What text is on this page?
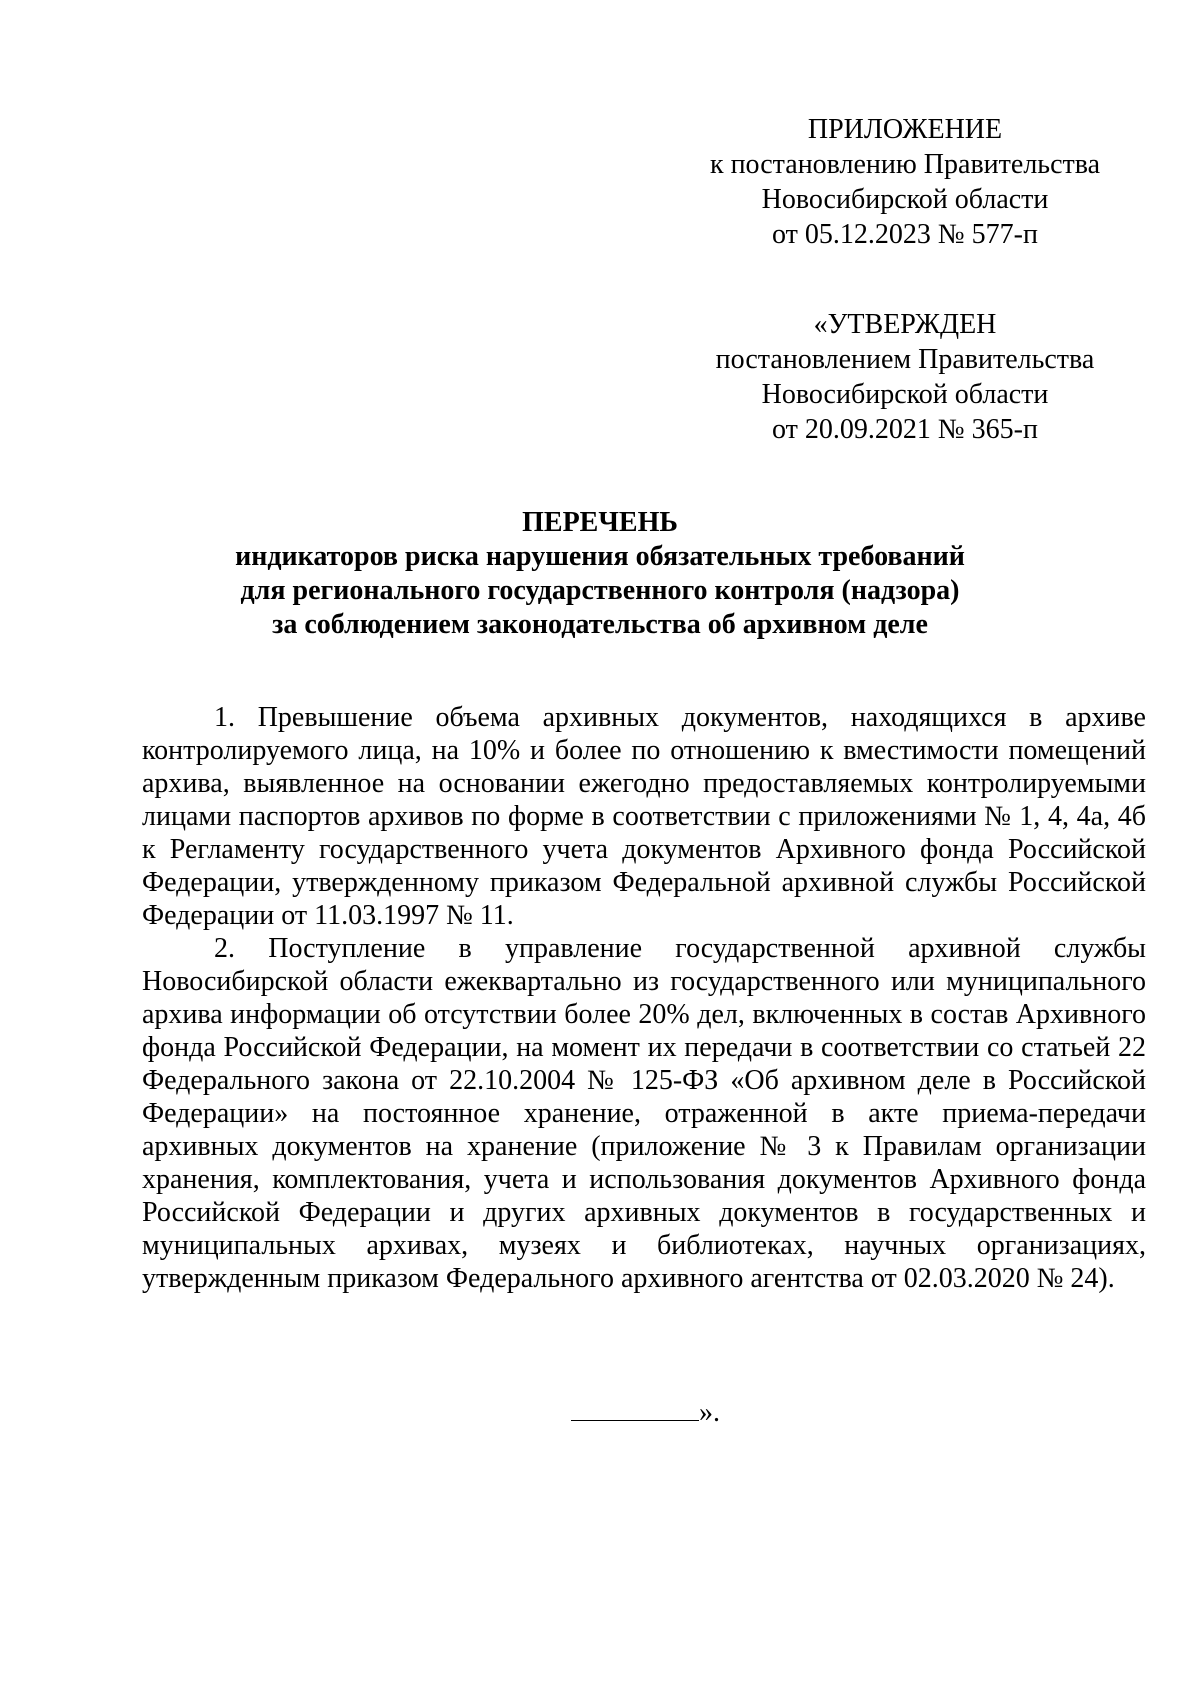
ПРИЛОЖЕНИЕ
к постановлению Правительства
Новосибирской области
от 05.12.2023 № 577-п
«УТВЕРЖДЕН
постановлением Правительства
Новосибирской области
от 20.09.2021 № 365-п
ПЕРЕЧЕНЬ
индикаторов риска нарушения обязательных требований
для регионального государственного контроля (надзора)
за соблюдением законодательства об архивном деле

1. Превышение объема архивных документов, находящихся в архиве контролируемого лица, на 10% и более по отношению к вместимости помещений архива, выявленное на основании ежегодно предоставляемых контролируемыми лицами паспортов архивов по форме в соответствии с приложениями № 1, 4, 4а, 4б к Регламенту государственного учета документов Архивного фонда Российской Федерации, утвержденному приказом Федеральной архивной службы Российской Федерации от 11.03.1997 № 11.

2. Поступление в управление государственной архивной службы Новосибирской области ежеквартально из государственного или муниципального архива информации об отсутствии более 20% дел, включенных в состав Архивного фонда Российской Федерации, на момент их передачи в соответствии со статьей 22 Федерального закона от 22.10.2004 № 125-ФЗ «Об архивном деле в Российской Федерации» на постоянное хранение, отраженной в акте приема-передачи архивных документов на хранение (приложение № 3 к Правилам организации хранения, комплектования, учета и использования документов Архивного фонда Российской Федерации и других архивных документов в государственных и муниципальных архивах, музеях и библиотеках, научных организациях, утвержденным приказом Федерального архивного агентства от 02.03.2020 № 24).

».
